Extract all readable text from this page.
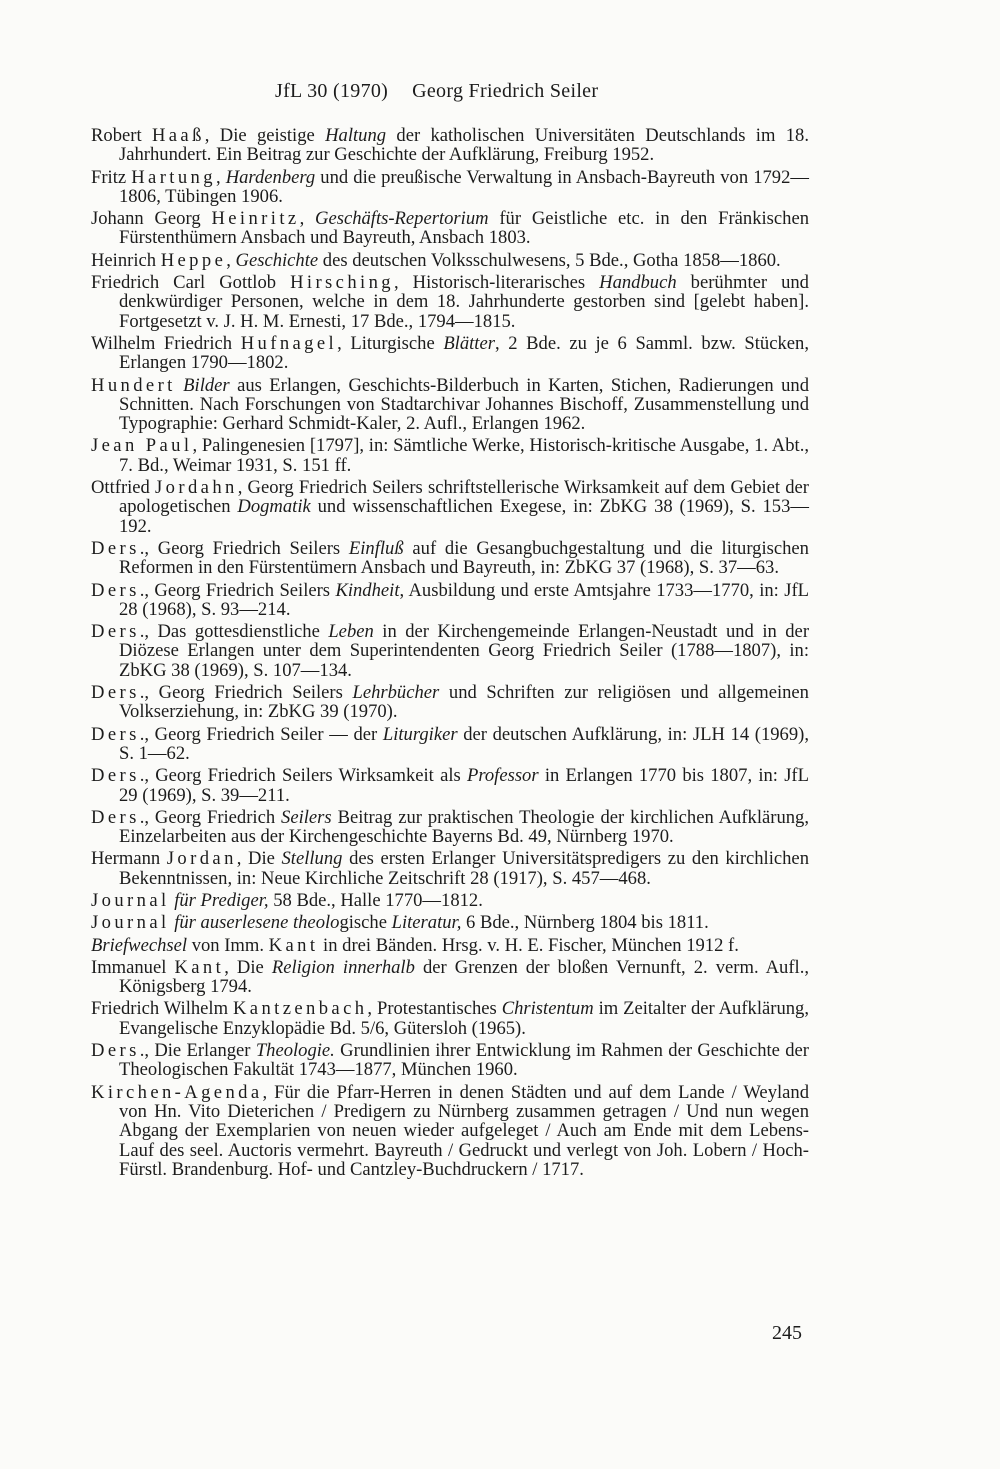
JfL 30 (1970) Georg Friedrich Seiler

Robert Haaß, Die geistige Haltung der katholischen Universitäten Deutschlands im 18. Jahrhundert. Ein Beitrag zur Geschichte der Aufklärung, Freiburg 1952.

Fritz Hartung, Hardenberg und die preußische Verwaltung in Ansbach-Bayreuth von 1792—1806, Tübingen 1906.

Johann Georg Heinritz, Geschäfts-Repertorium für Geistliche etc. in den Fränkischen Fürstenthümern Ansbach und Bayreuth, Ansbach 1803.

Heinrich Heppe, Geschichte des deutschen Volksschulwesens, 5 Bde., Gotha 1858—1860.

Friedrich Carl Gottlob Hirsching, Historisch-literarisches Handbuch berühmter und denkwürdiger Personen, welche in dem 18. Jahrhunderte gestorben sind [gelebt haben]. Fortgesetzt v. J. H. M. Ernesti, 17 Bde., 1794—1815.

Wilhelm Friedrich Hufnagel, Liturgische Blätter, 2 Bde. zu je 6 Samml. bzw. Stücken, Erlangen 1790—1802.

Hundert Bilder aus Erlangen, Geschichts-Bilderbuch in Karten, Stichen, Radierungen und Schnitten. Nach Forschungen von Stadtarchivar Johannes Bischoff, Zusammenstellung und Typographie: Gerhard Schmidt-Kaler, 2. Aufl., Erlangen 1962.

Jean Paul, Palingenesien [1797], in: Sämtliche Werke, Historisch-kritische Ausgabe, 1. Abt., 7. Bd., Weimar 1931, S. 151 ff.

Ottfried Jordahn, Georg Friedrich Seilers schriftstellerische Wirksamkeit auf dem Gebiet der apologetischen Dogmatik und wissenschaftlichen Exegese, in: ZbKG 38 (1969), S. 153—192.

Ders., Georg Friedrich Seilers Einfluß auf die Gesangbuchgestaltung und die liturgischen Reformen in den Fürstentümern Ansbach und Bayreuth, in: ZbKG 37 (1968), S. 37—63.

Ders., Georg Friedrich Seilers Kindheit, Ausbildung und erste Amtsjahre 1733—1770, in: JfL 28 (1968), S. 93—214.

Ders., Das gottesdienstliche Leben in der Kirchengemeinde Erlangen-Neustadt und in der Diözese Erlangen unter dem Superintendenten Georg Friedrich Seiler (1788—1807), in: ZbKG 38 (1969), S. 107—134.

Ders., Georg Friedrich Seilers Lehrbücher und Schriften zur religiösen und allgemeinen Volkserziehung, in: ZbKG 39 (1970).

Ders., Georg Friedrich Seiler — der Liturgiker der deutschen Aufklärung, in: JLH 14 (1969), S. 1—62.

Ders., Georg Friedrich Seilers Wirksamkeit als Professor in Erlangen 1770 bis 1807, in: JfL 29 (1969), S. 39—211.

Ders., Georg Friedrich Seilers Beitrag zur praktischen Theologie der kirchlichen Aufklärung, Einzelarbeiten aus der Kirchengeschichte Bayerns Bd. 49, Nürnberg 1970.

Hermann Jordan, Die Stellung des ersten Erlanger Universitätspredigers zu den kirchlichen Bekenntnissen, in: Neue Kirchliche Zeitschrift 28 (1917), S. 457—468.

Journal für Prediger, 58 Bde., Halle 1770—1812.

Journal für auserlesene theologische Literatur, 6 Bde., Nürnberg 1804 bis 1811.

Briefwechsel von Imm. Kant in drei Bänden. Hrsg. v. H. E. Fischer, München 1912 f.

Immanuel Kant, Die Religion innerhalb der Grenzen der bloßen Vernunft, 2. verm. Aufl., Königsberg 1794.

Friedrich Wilhelm Kantzenbach, Protestantisches Christentum im Zeitalter der Aufklärung, Evangelische Enzyklopädie Bd. 5/6, Gütersloh (1965).

Ders., Die Erlanger Theologie. Grundlinien ihrer Entwicklung im Rahmen der Geschichte der Theologischen Fakultät 1743—1877, München 1960.

Kirchen-Agenda, Für die Pfarr-Herren in denen Städten und auf dem Lande / Weyland von Hn. Vito Dieterichen / Predigern zu Nürnberg zusammen getragen / Und nun wegen Abgang der Exemplarien von neuen wieder aufgeleget / Auch am Ende mit dem Lebens-Lauf des seel. Auctoris vermehrt. Bayreuth / Gedruckt und verlegt von Joh. Lobern / Hoch-Fürstl. Brandenburg. Hof- und Cantzley-Buchdruckern / 1717.

245
